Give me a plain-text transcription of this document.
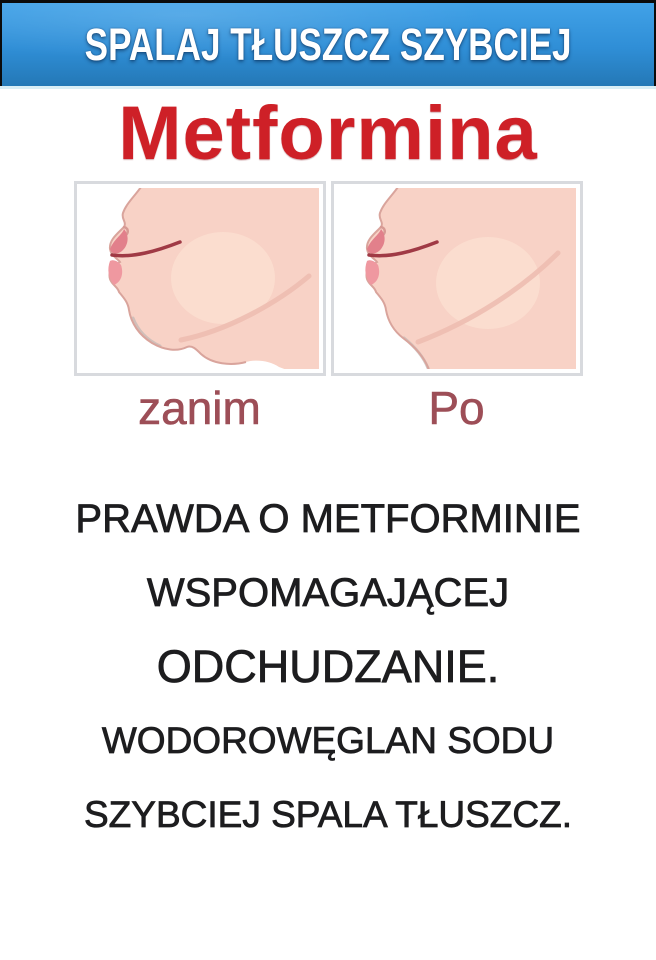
SPALAJ TŁUSZCZ SZYBCIEJ
Metformina
zanim	Po

PRAWDA O METFORMINIE

WSPOMAGAJĄCEJ

ODCHUDZANIE.

WODOROWĘGLAN SODU

SZYBCIEJ SPALA TŁUSZCZ.
